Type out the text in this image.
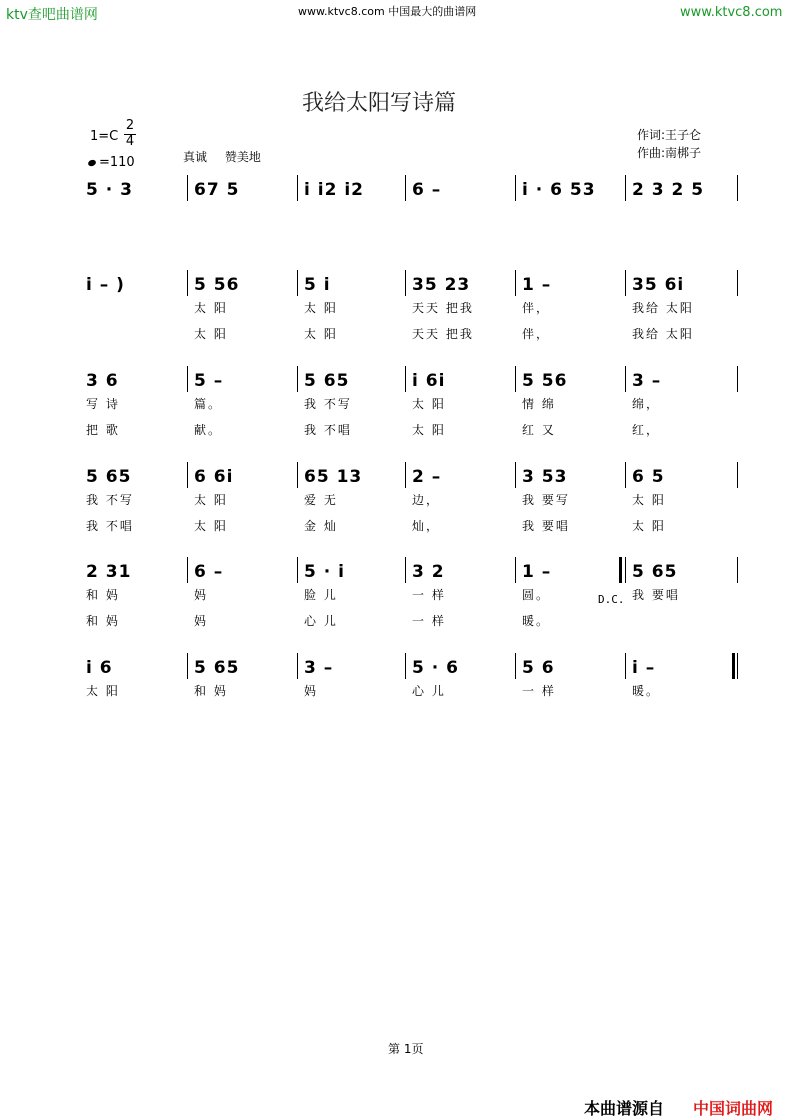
ktv查吧曲谱网	www.ktvc8.com 中国最大的曲谱网	www.ktvc8.com
我给太阳写诗篇
1=C
2
4
=110	真诚 赞美地
作词:王子仑
作曲:南梆子
5 · 3	67 5	i i2 i2	6 –	i · 6 53 2 3 2 5
i – )	5 56	5 i	35 23	1 –	35 6i
太 阳	太 阳	天天 把我	伴，	我给 太阳
太 阳	太 阳	天天 把我	伴，	我给 太阳
3 6	5 –	5 65	i 6i	5 56	3 –
写 诗	篇。	我 不写	太 阳	情 绵	绵，
把 歌	献。	我 不唱	太 阳	红 又	红，
5 65	6 6i	65 13	2 –	3 53	6 5
我 不写	太 阳	爱 无	边，	我 要写	太 阳
我 不唱	太 阳	金 灿	灿，	我 要唱	太 阳
2 31	6 –	5 · i	3 2	1 –	5 65
和 妈	妈	脸 儿	一 样	圆。	我 要唱
和 妈	妈	心 儿	一 样	暖。
i 6	5 65	3 –	5 · 6	5 6	i –
太 阳	和 妈	妈	心 儿	一 样	暖。
D.C.
第 1页
本曲谱源自 中国词曲网
